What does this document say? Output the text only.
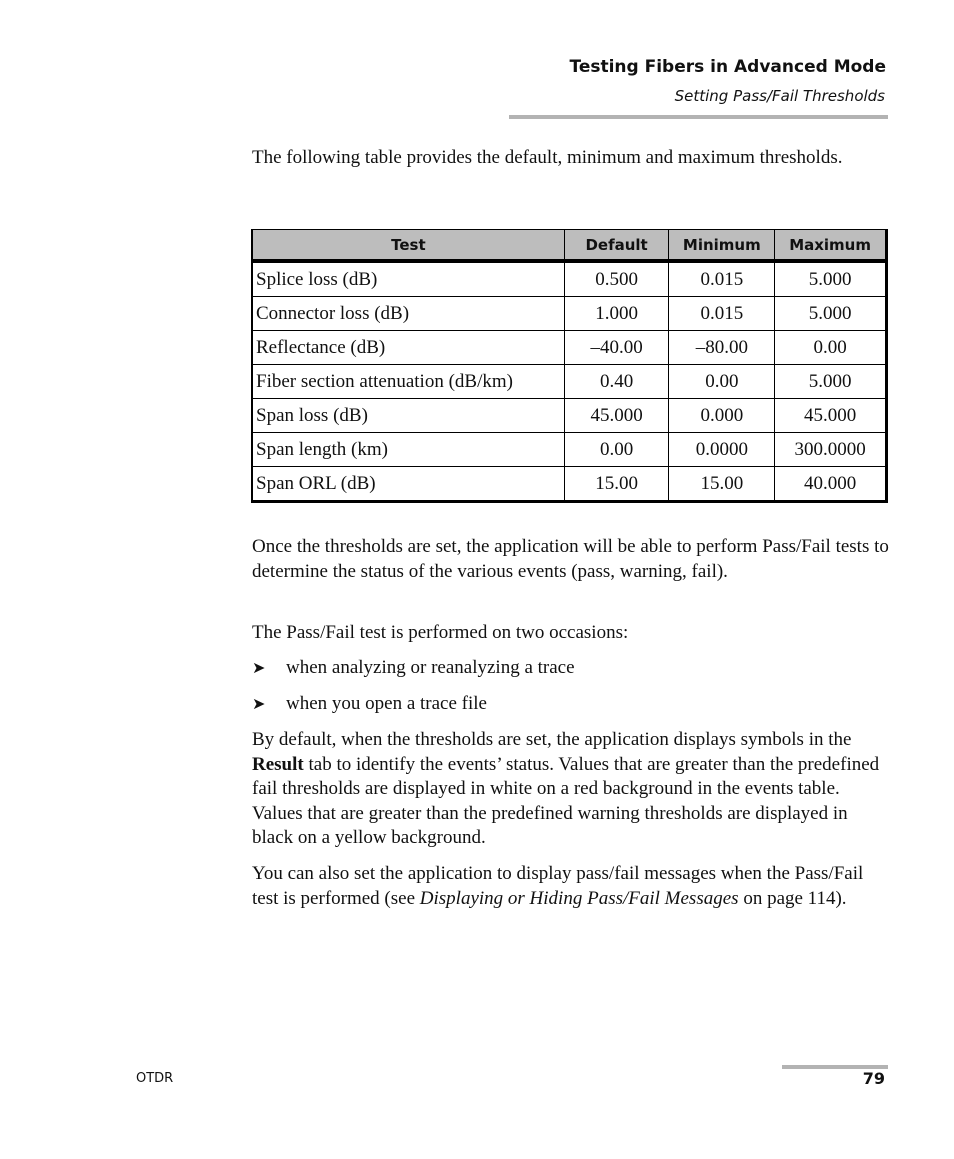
Testing Fibers in Advanced Mode
Setting Pass/Fail Thresholds

The following table provides the default, minimum and maximum thresholds.

Test	Default	Minimum	Maximum
Splice loss (dB)	0.500	0.015	5.000
Connector loss (dB)	1.000	0.015	5.000
Reflectance (dB)	–40.00	–80.00	0.00
Fiber section attenuation (dB/km)	0.40	0.00	5.000
Span loss (dB)	45.000	0.000	45.000
Span length (km)	0.00	0.0000	300.0000
Span ORL (dB)	15.00	15.00	40.000

Once the thresholds are set, the application will be able to perform Pass/Fail tests to determine the status of the various events (pass, warning, fail).

The Pass/Fail test is performed on two occasions:

➤ when analyzing or reanalyzing a trace
➤ when you open a trace file

By default, when the thresholds are set, the application displays symbols in the Result tab to identify the events’ status. Values that are greater than the predefined fail thresholds are displayed in white on a red background in the events table. Values that are greater than the predefined warning thresholds are displayed in black on a yellow background.

You can also set the application to display pass/fail messages when the Pass/Fail test is performed (see Displaying or Hiding Pass/Fail Messages on page 114).

OTDR	79
